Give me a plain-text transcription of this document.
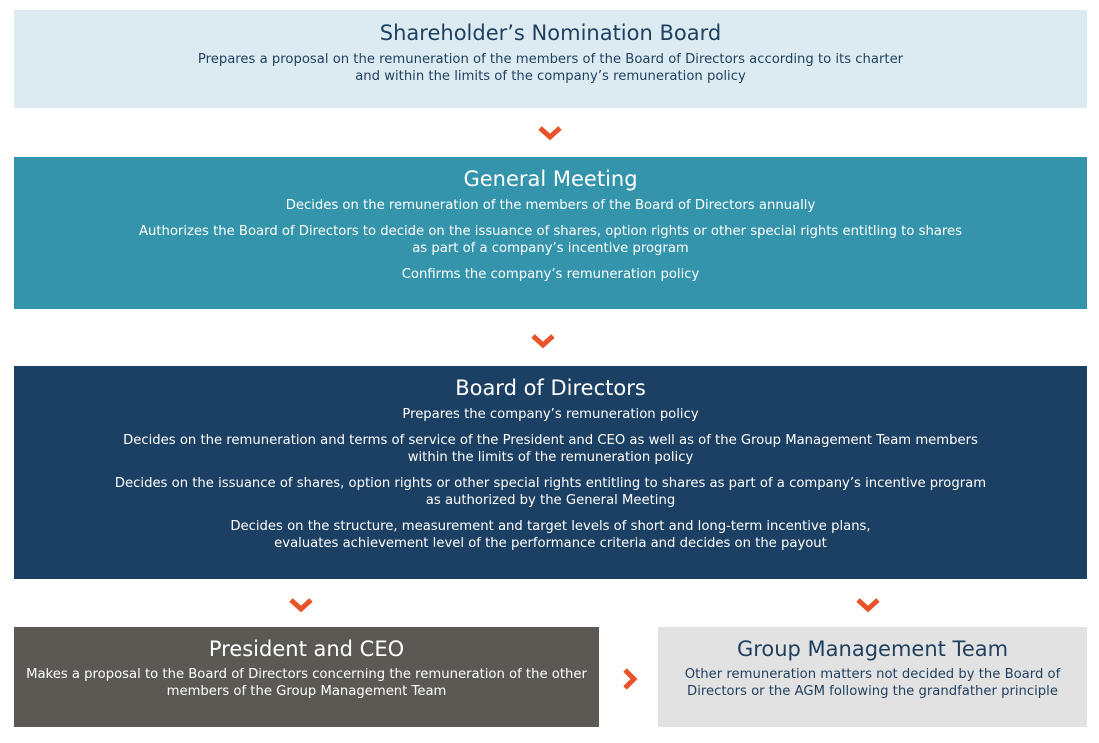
Shareholder’s Nomination Board

Prepares a proposal on the remuneration of the members of the Board of Directors according to its charter
and within the limits of the company’s remuneration policy

General Meeting

Decides on the remuneration of the members of the Board of Directors annually

Authorizes the Board of Directors to decide on the issuance of shares, option rights or other special rights entitling to shares
as part of a company’s incentive program

Confirms the company’s remuneration policy

Board of Directors

Prepares the company’s remuneration policy

Decides on the remuneration and terms of service of the President and CEO as well as of the Group Management Team members
within the limits of the remuneration policy

Decides on the issuance of shares, option rights or other special rights entitling to shares as part of a company’s incentive program
as authorized by the General Meeting

Decides on the structure, measurement and target levels of short and long-term incentive plans,
evaluates achievement level of the performance criteria and decides on the payout

President and CEO

Makes a proposal to the Board of Directors concerning the remuneration of the other
members of the Group Management Team

Group Management Team

Other remuneration matters not decided by the Board of
Directors or the AGM following the grandfather principle
